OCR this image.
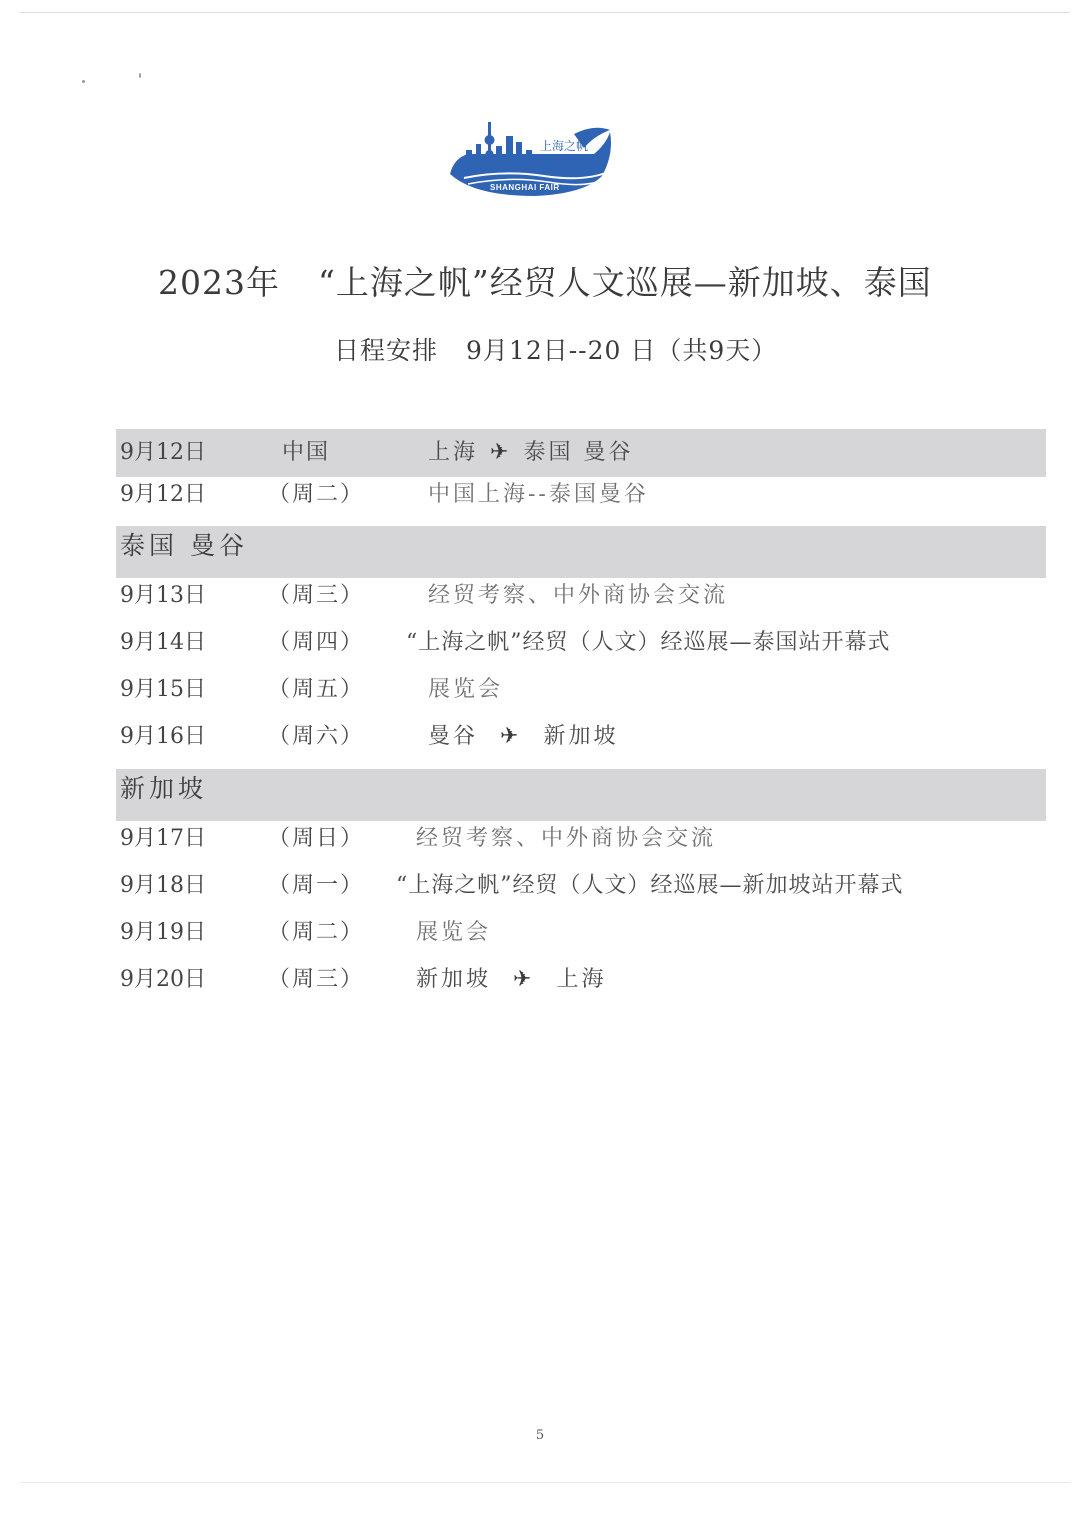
上海之帆
SHANGHAI FAIR
2023年 “上海之帆”经贸人文巡展—新加坡、泰国
日程安排 9月12日--20 日（共9天）
9月12日	中国	上海 ✈ 泰国 曼谷
9月12日	（周二）	中国上海--泰国曼谷
泰国 曼谷
9月13日	（周三）	经贸考察、中外商协会交流
9月14日	（周四） “上海之帆”经贸（人文）经巡展—泰国站开幕式
9月15日	（周五）	展览会
9月16日	（周六）	曼谷 ✈ 新加坡
新加坡
9月17日	（周日） 经贸考察、中外商协会交流
9月18日	（周一） “上海之帆”经贸（人文）经巡展—新加坡站开幕式
9月19日	（周二） 展览会
9月20日	（周三） 新加坡 ✈ 上海
5
